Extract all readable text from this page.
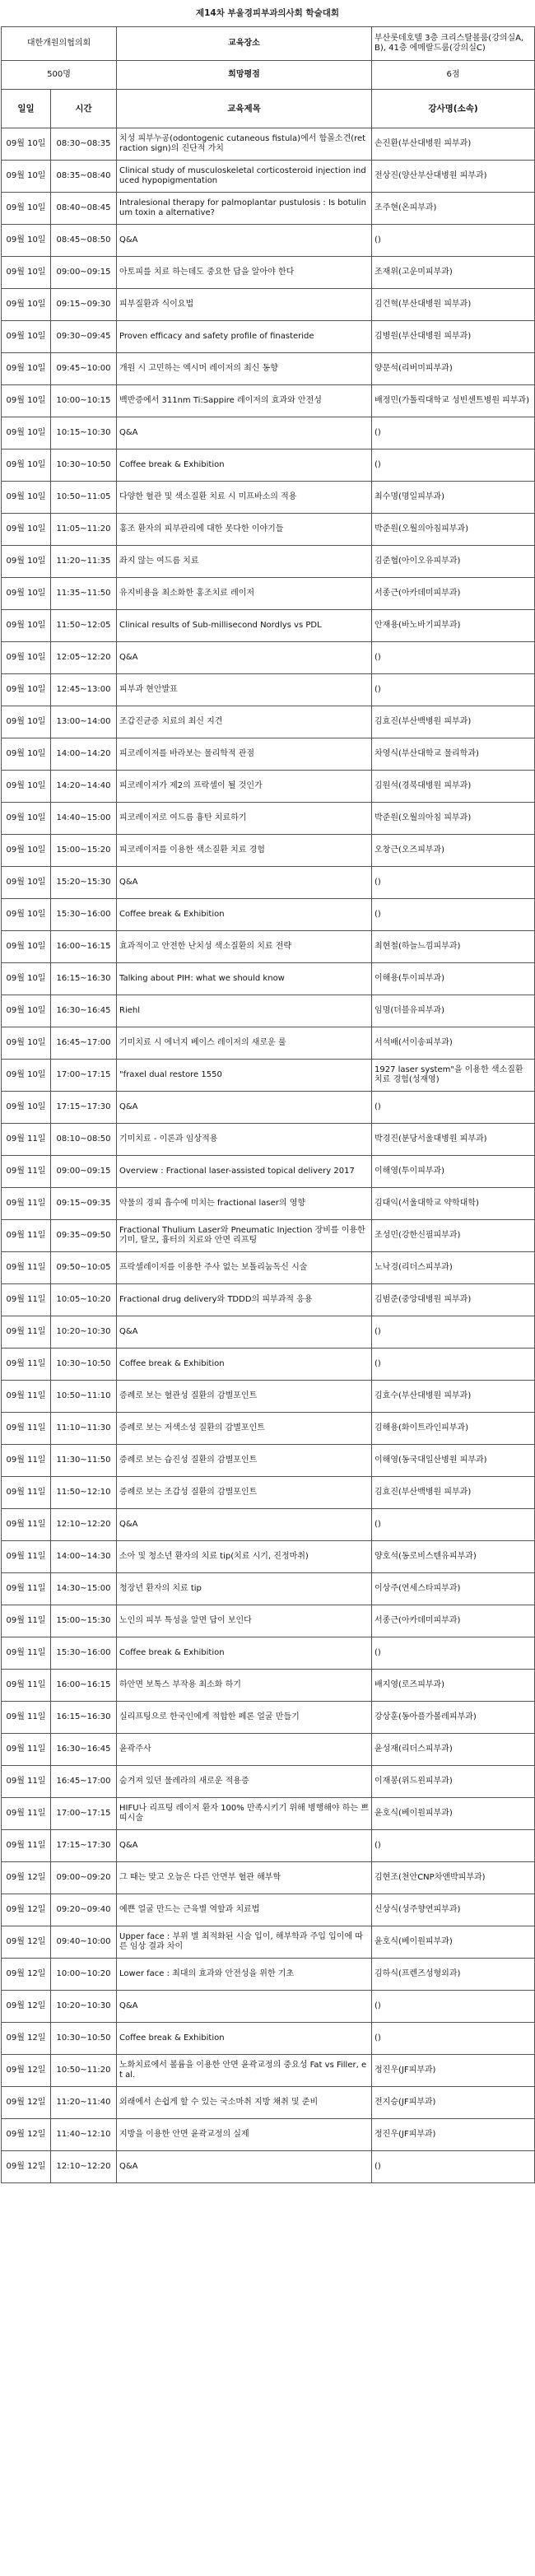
제14차 부울경피부과의사회 학술대회
대한개원의협의회		교육장소	부산롯데호텔 3층 크리스탈볼룸(강의실A,B), 41층 에메랄드룸(강의실C)
500명		희망평점	6점
일일	시간	교육제목	강사명(소속)
09월 10일	08:30~08:35	치성 피부누공(odontogenic cutaneous fistula)에서 함몰소견(retraction sign)의 진단적 가치	손진환(부산대병원 피부과)
09월 10일	08:35~08:40	Clinical study of musculoskeletal corticosteroid injection induced hypopigmentation	전상진(양산부산대병원 피부과)
09월 10일	08:40~08:45	Intralesional therapy for palmoplantar pustulosis : Is botulinum toxin a alternative?	조주현(온피부과)
09월 10일	08:45~08:50	Q&A	()
09월 10일	09:00~09:15	아토피를 치료 하는데도 중요한 답을 알아야 한다	조재위(고운미피부과)
09월 10일	09:15~09:30	피부질환과 식이요법	김건혁(부산대병원 피부과)
09월 10일	09:30~09:45	Proven efficacy and safety profile of finasteride	김병원(부산대병원 피부과)
09월 10일	09:45~10:00	개원 시 고민하는 엑시머 레이저의 최신 동향	양문석(리버미피부과)
09월 10일	10:00~10:15	백반증에서 311nm Ti:Sappire 레이저의 효과와 안전성	배정민(가톨릭대학교 성빈센트병원 피부과)
09월 10일	10:15~10:30	Q&A	()
09월 10일	10:30~10:50	Coffee break & Exhibition	()
09월 10일	10:50~11:05	다양한 혈관 및 색소질환 치료 시 미프바소의 적용	최수명(명일피부과)
09월 10일	11:05~11:20	홍조 환자의 피부관리에 대한 못다한 이야기들	박준원(오월의아침피부과)
09월 10일	11:20~11:35	좌지 않는 여드름 치료	김준협(아이오유피부과)
09월 10일	11:35~11:50	유지비용을 최소화한 홍조치료 레이저	서종근(아카데미피부과)
09월 10일	11:50~12:05	Clinical results of Sub-millisecond Nordlys vs PDL	안재용(바노바기피부과)
09월 10일	12:05~12:20	Q&A	()
09월 10일	12:45~13:00	피부과 현안발표	()
09월 10일	13:00~14:00	조갑진균증 치료의 최신 지견	김효진(부산백병원 피부과)
09월 10일	14:00~14:20	피코레이저를 바라보는 물리학적 관점	차영식(부산대학교 물리학과)
09월 10일	14:20~14:40	피코레이저가 제2의 프락셀이 될 것인가	김원석(경북대병원 피부과)
09월 10일	14:40~15:00	피코레이저로 여드름 흉탄 치료하기	박준원(오월의아침 피부과)
09월 10일	15:00~15:20	피코레이저를 이용한 색소질환 치료 경험	오창근(오즈피부과)
09월 10일	15:20~15:30	Q&A	()
09월 10일	15:30~16:00	Coffee break & Exhibition	()
09월 10일	16:00~16:15	효과적이고 안전한 난치성 색소질환의 치료 전략	최현철(하늘느낌피부과)
09월 10일	16:15~16:30	Talking about PIH: what we should know	이해용(투이피부과)
09월 10일	16:30~16:45	Riehl	임명(더블유피부과)
09월 10일	16:45~17:00	기미치료 시 에너지 베이스 레이저의 새로운 룰	서석배(서이송피부과)
09월 10일	17:00~17:15	"fraxel dual restore 1550	1927 laser system"을 이용한 색소질환 치료 경험(성재영)
09월 10일	17:15~17:30	Q&A	()
09월 11일	08:10~08:50	기미치료 - 이론과 임상적용	박경진(분당서울대병원 피부과)
09월 11일	09:00~09:15	Overview : Fractional laser-assisted topical delivery 2017	이해영(투이피부과)
09월 11일	09:15~09:35	약물의 경피 흡수에 미치는 fractional laser의 영향	김대익(서울대학교 약학대학)
09월 11일	09:35~09:50	Fractional Thulium Laser와 Pneumatic Injection 장비를 이용한 기미, 탈모, 흉터의 치료와 안면 리프팅	조성민(강한신필피부과)
09월 11일	09:50~10:05	프락셀레이저를 이용한 주사 없는 보톨리눔독신 시술	노낙경(리더스피부과)
09월 11일	10:05~10:20	Fractional drug delivery와 TDDD의 피부과적 응용	김범준(중앙대병원 피부과)
09월 11일	10:20~10:30	Q&A	()
09월 11일	10:30~10:50	Coffee break & Exhibition	()
09월 11일	10:50~11:10	증례로 보는 혈관성 질환의 감별포인트	김효수(부산대병원 피부과)
09월 11일	11:10~11:30	증례로 보는 저색소성 질환의 감별포인트	김해용(화이트라인피부과)
09월 11일	11:30~11:50	증례로 보는 습진성 질환의 감별포인트	이해영(동국대일산병원 피부과)
09월 11일	11:50~12:10	증례로 보는 조갑성 질환의 감별포인트	김효진(부산백병원 피부과)
09월 11일	12:10~12:20	Q&A	()
09월 11일	14:00~14:30	소아 및 청소년 환자의 치료 tip(치료 시기, 진정마취)	양호석(동로비스텐유피부과)
09월 11일	14:30~15:00	청장년 환자의 치료 tip	이상주(연세스타피부과)
09월 11일	15:00~15:30	노인의 피부 특성을 알면 답이 보인다	서종근(아카데미피부과)
09월 11일	15:30~16:00	Coffee break & Exhibition	()
09월 11일	16:00~16:15	하안면 보톡스 부작용 최소화 하기	배지영(로즈피부과)
09월 11일	16:15~16:30	실리프팅으로 한국인에게 적합한 페론 얼굴 만들기	강상훈(동아플가볼레피부과)
09월 11일	16:30~16:45	윤곽주사	윤성재(리더스피부과)
09월 11일	16:45~17:00	숨겨져 있던 물레라의 새로운 적용증	이재봉(위드윈피부과)
09월 11일	17:00~17:15	HIFU나 리프팅 레이저 환자 100% 만족시키기 위해 병행해야 하는 쁘띠시술	윤호식(베이원피부과)
09월 11일	17:15~17:30	Q&A	()
09월 12일	09:00~09:20	그 때는 맞고 오늘은 다른 안면부 혈관 해부학	김현조(천안CNP차앤박피부과)
09월 12일	09:20~09:40	예쁜 얼굴 만드는 근육별 역할과 치료법	신상식(성주향연피부과)
09월 12일	09:40~10:00	Upper face : 부위 별 최적화된 시술 입이, 해부학과 주입 입이에 따른 임상 결과 차이	윤호식(베이원피부과)
09월 12일	10:00~10:20	Lower face : 최대의 효과와 안전성을 위한 기초	김하식(프렌즈성형외과)
09월 12일	10:20~10:30	Q&A	()
09월 12일	10:30~10:50	Coffee break & Exhibition	()
09월 12일	10:50~11:20	노화치료에서 볼륨을 이용한 안면 윤곽교정의 중요성 Fat vs Filler, et al.	정진우(JF피부과)
09월 12일	11:20~11:40	외래에서 손쉽게 할 수 있는 국소마취 지방 채취 및 준비	전지승(JF피부과)
09월 12일	11:40~12:10	지방을 이용한 안면 윤곽교정의 실제	정진우(JF피부과)
09월 12일	12:10~12:20	Q&A	()
